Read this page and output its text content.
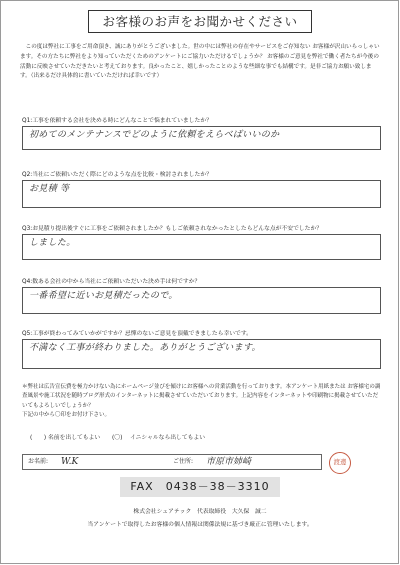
お客様のお声をお聞かせください
この度は弊社に工事をご用命頂き、誠にありがとうございました。世の中には弊社の存在やサービスをご存知ない お客様が沢山いらっしゃいます。その方たちに弊社をより知っていただくためのアンケートにご協力いただけるでしょうか？ お客様のご意見を弊社で働く者たちが今後の活動に反映させていただきたいと考えております。良かったこと、嬉しかったことのような些細な事でも結構です。是非ご協力お願い致します。（出来るだけ具体的に書いていただければ幸いです）
Q1:工事を依頼する会社を決める時にどんなことで悩まれていましたか？
初めてのメンテナンスでどのように依頼をえらべばいいのか
Q2:当社にご依頼いただく際にどのような点を比較・検討されましたか？
お見積 等
Q3:お見積り提出後すぐに工事をご依頼されましたか？もしご依頼されなかったとしたらどんな点が不安でしたか？
しました。
Q4:数ある会社の中から当社にご依頼いただいた決め手は何ですか？
一番希望に近いお見積だったので。
Q5:工事が終わってみていかがですか？忌憚のないご意見を頂戴できましたら幸いです。
不満なく工事が終わりました。ありがとうございます。
＊弊社は広告宣伝費を極力かけない為にホームページ並びを傾けにお客様への営業活動を行っております。本アンケート用紙または お客様宅の調査風景や施工状況を随時ブログ形式のインターネットに掲載させていただいております。上記内容をインターネットや印刷物に掲載させていただいてもよろしいでしょうか？
下記の中から〇印をお付け下さい。
(　　) 名前を出してもよい (〇) イニシャルなら出してもよい
お名前: W.K	ご住所: 市原市姉崎	渡邊
FAX　0438－38－3310
株式会社シェアテック　代表取締役　大久保　誠二
当アンケートで取得したお客様の個人情報は関係法規に基づき厳正に管理いたします。
